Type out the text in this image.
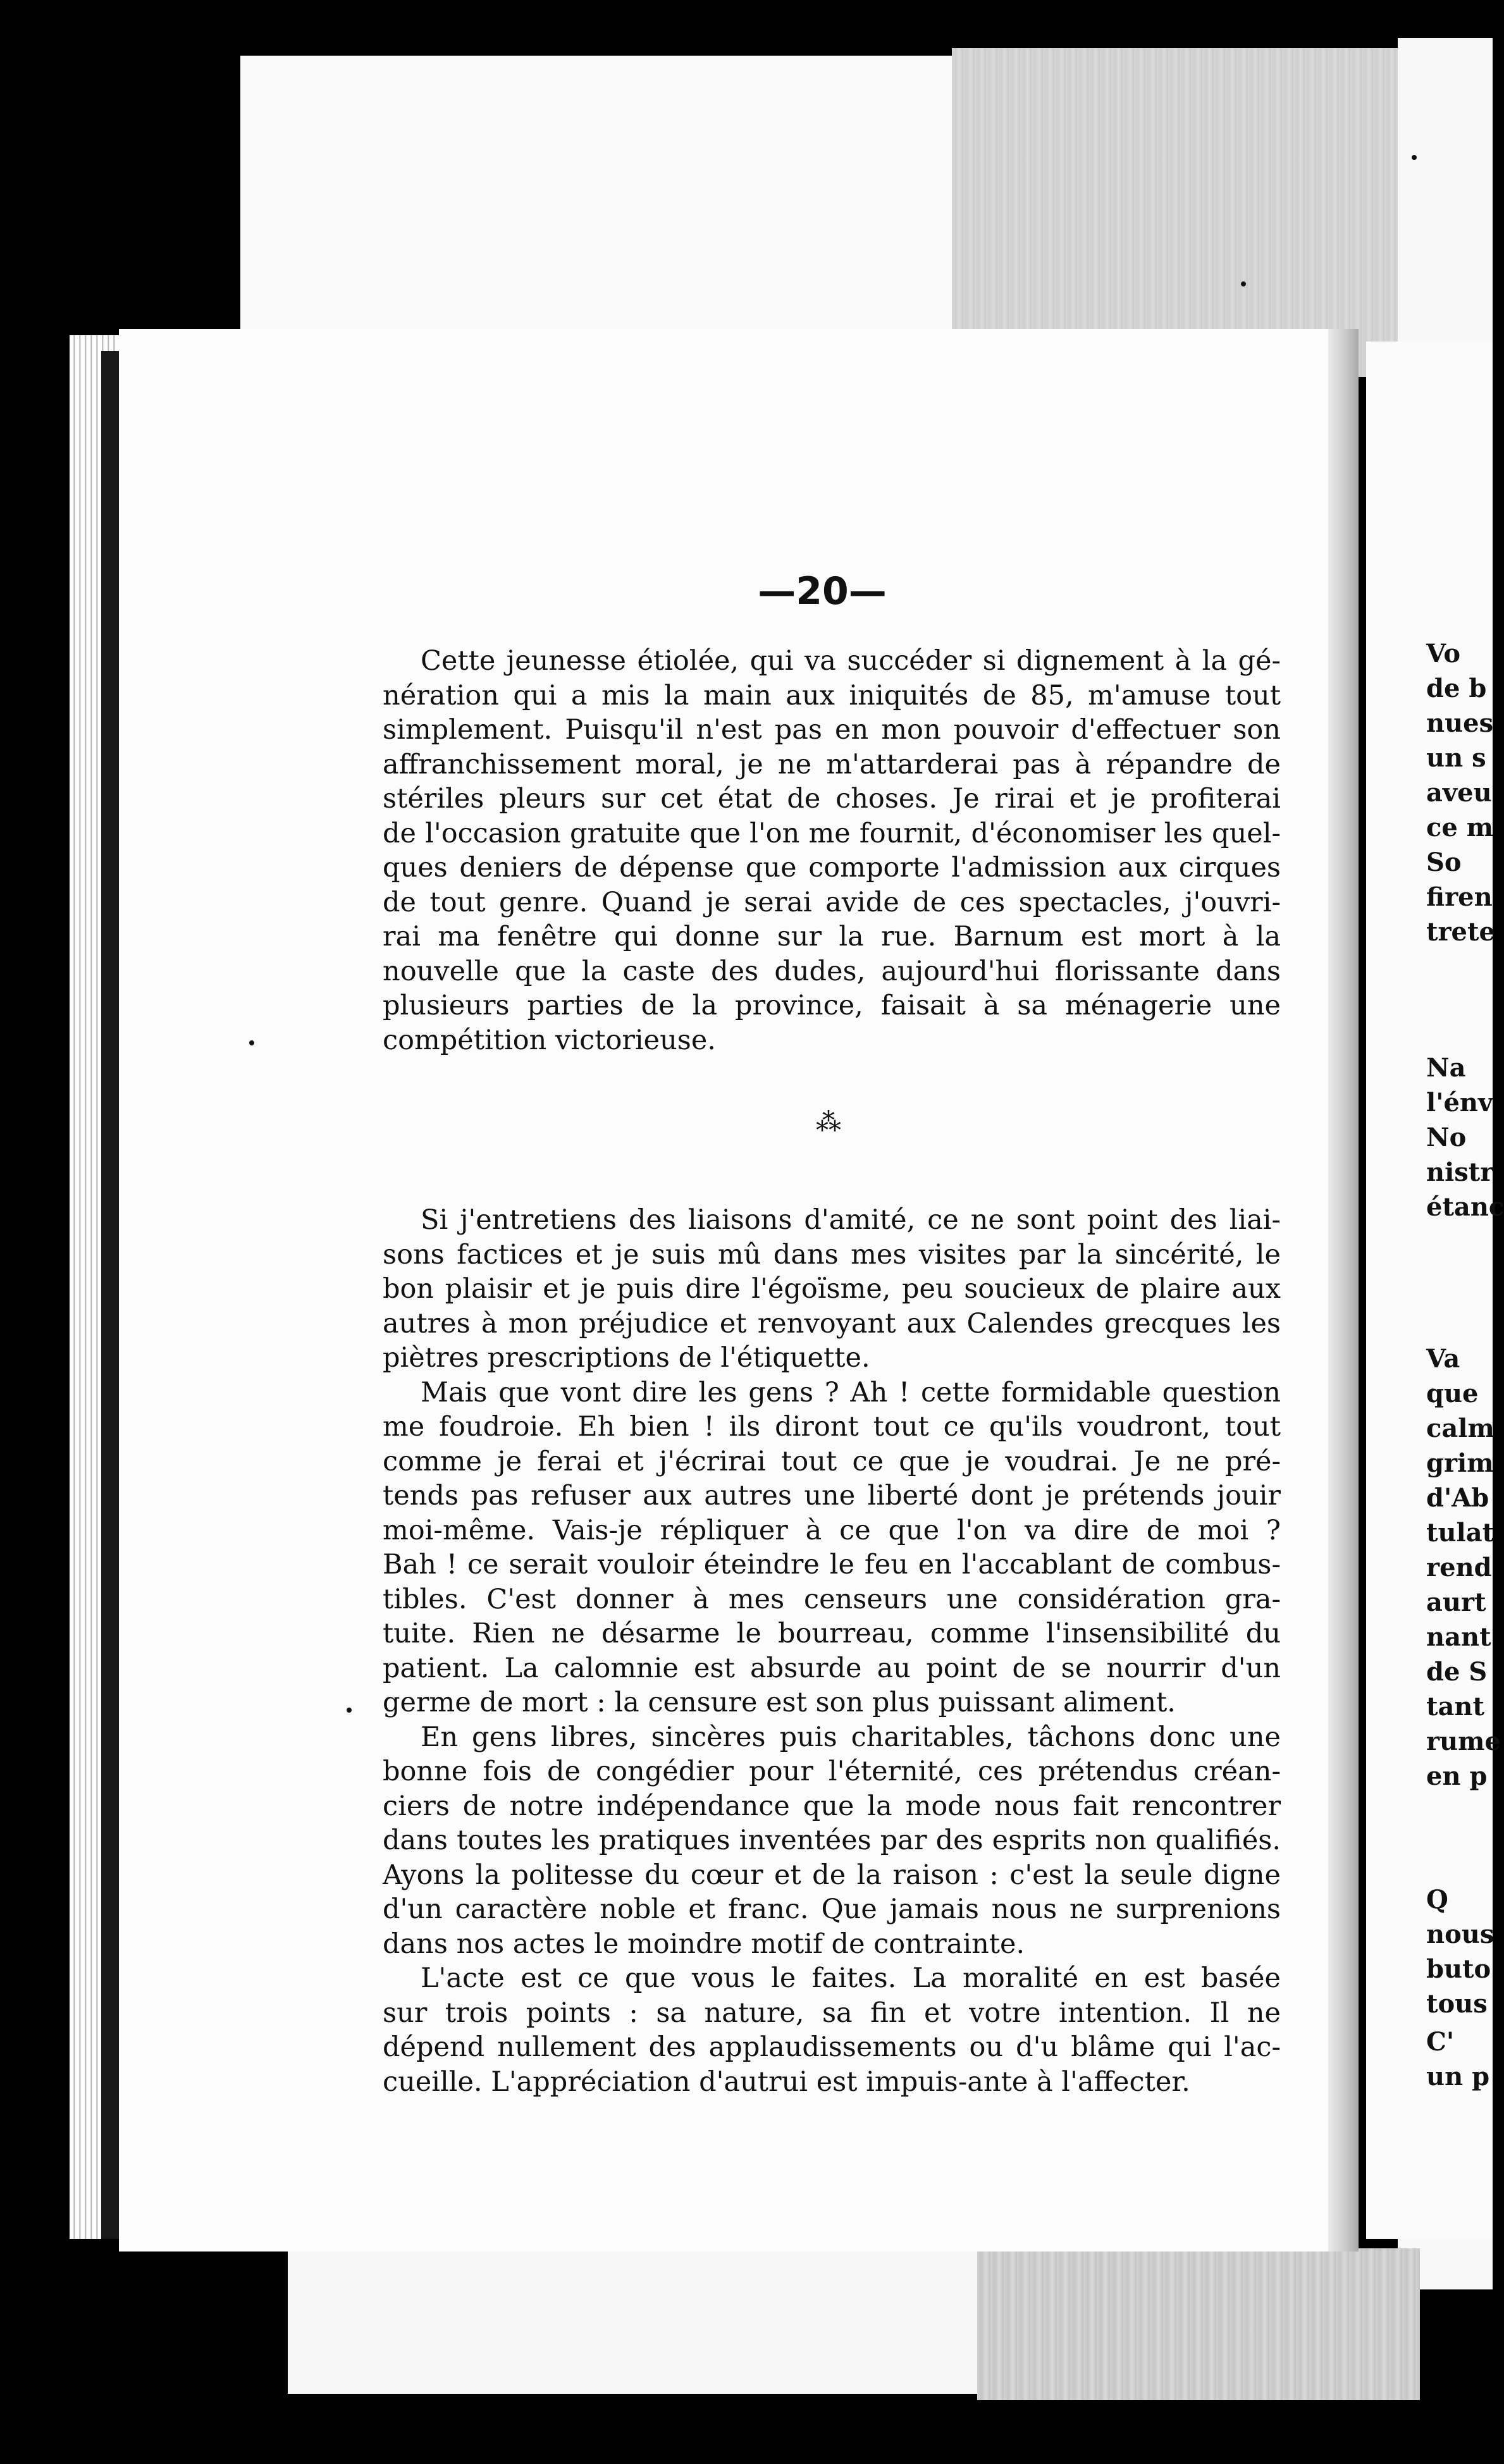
—20—
Cette jeunesse étiolée, qui va succéder si dignement à la gé-
nération qui a mis la main aux iniquités de 85, m'amuse tout
simplement. Puisqu'il n'est pas en mon pouvoir d'effectuer son
affranchissement moral, je ne m'attarderai pas à répandre de
stériles pleurs sur cet état de choses. Je rirai et je profiterai
de l'occasion gratuite que l'on me fournit, d'économiser les quel-
ques deniers de dépense que comporte l'admission aux cirques
de tout genre. Quand je serai avide de ces spectacles, j'ouvri-
rai ma fenêtre qui donne sur la rue. Barnum est mort à la
nouvelle que la caste des dudes, aujourd'hui florissante dans
plusieurs parties de la province, faisait à sa ménagerie une
compétition victorieuse.
⁂
Si j'entretiens des liaisons d'amité, ce ne sont point des liai-
sons factices et je suis mû dans mes visites par la sincérité, le
bon plaisir et je puis dire l'égoïsme, peu soucieux de plaire aux
autres à mon préjudice et renvoyant aux Calendes grecques les
piètres prescriptions de l'étiquette.
Mais que vont dire les gens ? Ah ! cette formidable question
me foudroie. Eh bien ! ils diront tout ce qu'ils voudront, tout
comme je ferai et j'écrirai tout ce que je voudrai. Je ne pré-
tends pas refuser aux autres une liberté dont je prétends jouir
moi-même. Vais-je répliquer à ce que l'on va dire de moi ?
Bah ! ce serait vouloir éteindre le feu en l'accablant de combus-
tibles. C'est donner à mes censeurs une considération gra-
tuite. Rien ne désarme le bourreau, comme l'insensibilité du
patient. La calomnie est absurde au point de se nourrir d'un
germe de mort : la censure est son plus puissant aliment.
En gens libres, sincères puis charitables, tâchons donc une
bonne fois de congédier pour l'éternité, ces prétendus créan-
ciers de notre indépendance que la mode nous fait rencontrer
dans toutes les pratiques inventées par des esprits non qualifiés.
Ayons la politesse du cœur et de la raison : c'est la seule digne
d'un caractère noble et franc. Que jamais nous ne surprenions
dans nos actes le moindre motif de contrainte.
L'acte est ce que vous le faites. La moralité en est basée
sur trois points : sa nature, sa fin et votre intention. Il ne
dépend nullement des applaudissements ou d'u blâme qui l'ac-
cueille. L'appréciation d'autrui est impuis-ante à l'affecter.
Vo
de b
nues
un s
aveu
ce m
So
firen
trete
Na
l'énv
No
nistr
étanc
Va
que
calm
grim
d'Ab
tulat
rend
aurt
nant
de S
tant
rume
en p
Q
nous
buto
tous
C'
un p
